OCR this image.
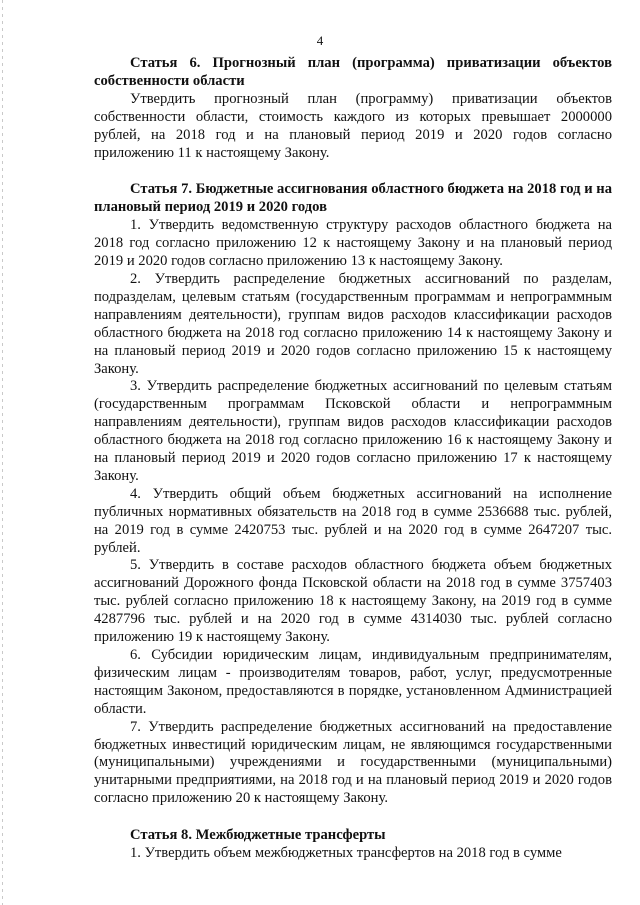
4

Статья 6. Прогнозный план (программа) приватизации объектов собственности области

Утвердить прогнозный план (программу) приватизации объектов собственности области, стоимость каждого из которых превышает 2000000 рублей, на 2018 год и на плановый период 2019 и 2020 годов согласно приложению 11 к настоящему Закону.

Статья 7. Бюджетные ассигнования областного бюджета на 2018 год и на плановый период 2019 и 2020 годов

1. Утвердить ведомственную структуру расходов областного бюджета на 2018 год согласно приложению 12 к настоящему Закону и на плановый период 2019 и 2020 годов согласно приложению 13 к настоящему Закону.

2. Утвердить распределение бюджетных ассигнований по разделам, подразделам, целевым статьям (государственным программам и непрограммным направлениям деятельности), группам видов расходов классификации расходов областного бюджета на 2018 год согласно приложению 14 к настоящему Закону и на плановый период 2019 и 2020 годов согласно приложению 15 к настоящему Закону.

3. Утвердить распределение бюджетных ассигнований по целевым статьям (государственным программам Псковской области и непрограммным направлениям деятельности), группам видов расходов классификации расходов областного бюджета на 2018 год согласно приложению 16 к настоящему Закону и на плановый период 2019 и 2020 годов согласно приложению 17 к настоящему Закону.

4. Утвердить общий объем бюджетных ассигнований на исполнение публичных нормативных обязательств на 2018 год в сумме 2536688 тыс. рублей, на 2019 год в сумме 2420753 тыс. рублей и на 2020 год в сумме 2647207 тыс. рублей.

5. Утвердить в составе расходов областного бюджета объем бюджетных ассигнований Дорожного фонда Псковской области на 2018 год в сумме 3757403 тыс. рублей согласно приложению 18 к настоящему Закону, на 2019 год в сумме 4287796 тыс. рублей и на 2020 год в сумме 4314030 тыс. рублей согласно приложению 19 к настоящему Закону.

6. Субсидии юридическим лицам, индивидуальным предпринимателям, физическим лицам - производителям товаров, работ, услуг, предусмотренные настоящим Законом, предоставляются в порядке, установленном Администрацией области.

7. Утвердить распределение бюджетных ассигнований на предоставление бюджетных инвестиций юридическим лицам, не являющимся государственными (муниципальными) учреждениями и государственными (муниципальными) унитарными предприятиями, на 2018 год и на плановый период 2019 и 2020 годов согласно приложению 20 к настоящему Закону.

Статья 8. Межбюджетные трансферты

1. Утвердить объем межбюджетных трансфертов на 2018 год в сумме
